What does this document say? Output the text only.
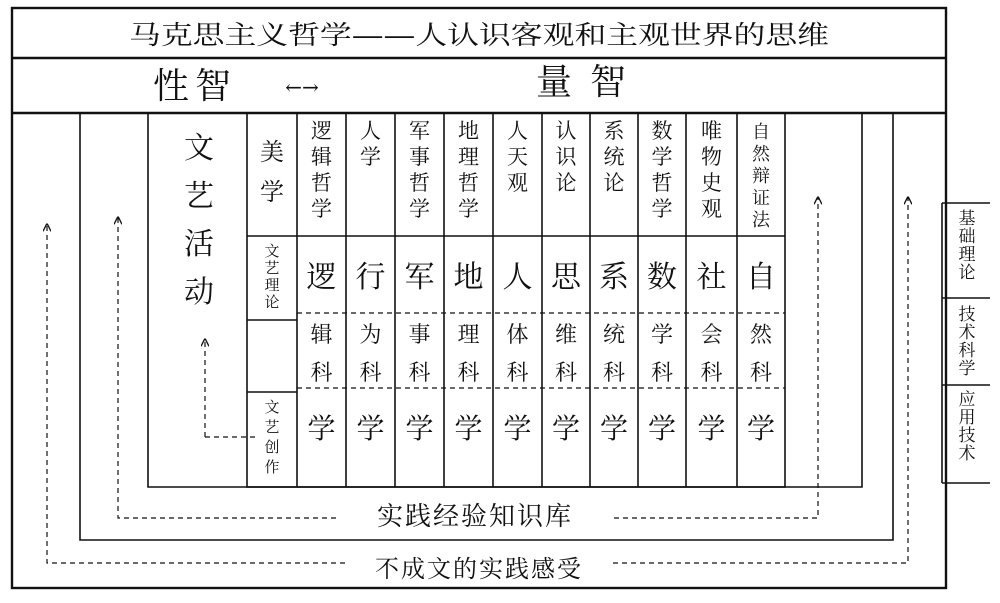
马克思主义哲学——人认识客观和主观世界的思维
性智 ←→	量智
文
艺
活
动
美
学
文
艺
理
论
文
艺
创
作
逻
辑
哲
学
逻
辑
科
学
人
学
行
为
科
学
军
事
哲
学
军
事
科
学
地
理
哲
学
地
理
科
学
人
天
观
人
体
科
学
认
识
论
思
维
科
学
系
统
论
系
统
科
学
数
学
哲
学
数
学
科
学
唯
物
史
观
社
会
科
学
自
然
辩
证
法
自
然
科
学
实践经验知识库
不成文的实践感受
基
础
理
论
技
术
科
学
应
用
技
术
